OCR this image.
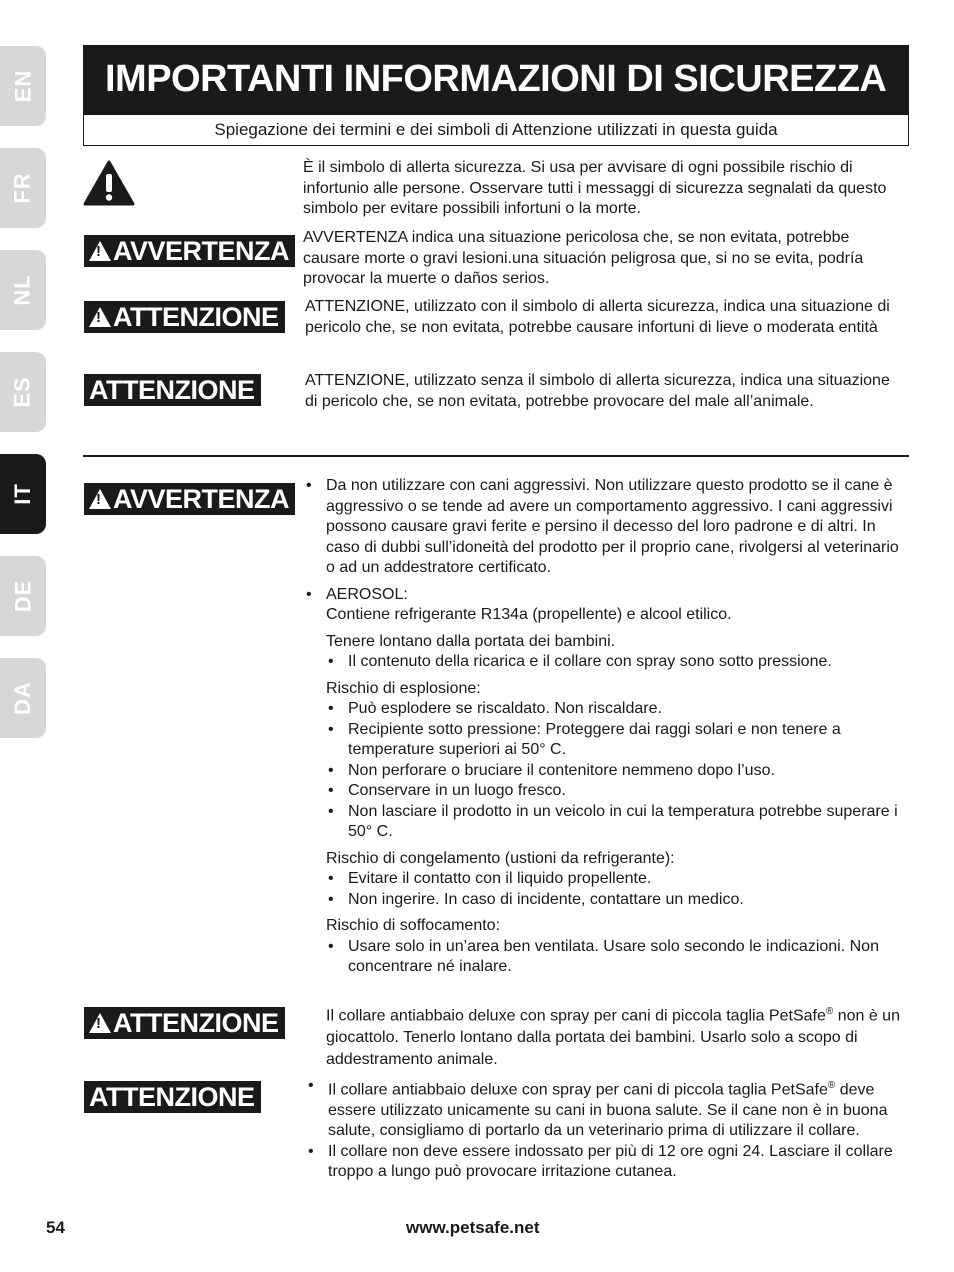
EN
FR
NL
ES
IT
DE
DA
IMPORTANTI INFORMAZIONI DI SICUREZZA
Spiegazione dei termini e dei simboli di Attenzione utilizzati in questa guida
È il simbolo di allerta sicurezza. Si usa per avvisare di ogni possibile rischio di infortunio alle persone. Osservare tutti i messaggi di sicurezza segnalati da questo simbolo per evitare possibili infortuni o la morte.
!
AVVERTENZA AVVERTENZA indica una situazione pericolosa che, se non evitata, potrebbe causare morte o gravi lesioni.una situación peligrosa que, si no se evita, podría provocar la muerte o daños serios.
!
ATTENZIONE ATTENZIONE, utilizzato con il simbolo di allerta sicurezza, indica una situazione di pericolo che, se non evitata, potrebbe causare infortuni di lieve o moderata entità
ATTENZIONE	ATTENZIONE, utilizzato senza il simbolo di allerta sicurezza, indica una situazione di pericolo che, se non evitata, potrebbe provocare del male all’animale.
!
AVVERTENZA	• Da non utilizzare con cani aggressivi. Non utilizzare questo prodotto se il cane è aggressivo o se tende ad avere un comportamento aggressivo. I cani aggressivi possono causare gravi ferite e persino il decesso del loro padrone e di altri. In caso di dubbi sull’idoneità del prodotto per il proprio cane, rivolgersi al veterinario o ad un addestratore certificato.
• AEROSOL:
Contiene refrigerante R134a (propellente) e alcool etilico.
Tenere lontano dalla portata dei bambini.
• Il contenuto della ricarica e il collare con spray sono sotto pressione.
Rischio di esplosione:
• Può esplodere se riscaldato. Non riscaldare.
• Recipiente sotto pressione: Proteggere dai raggi solari e non tenere a temperature superiori ai 50° C.
• Non perforare o bruciare il contenitore nemmeno dopo l’uso.
• Conservare in un luogo fresco.
• Non lasciare il prodotto in un veicolo in cui la temperatura potrebbe superare i 50° C.
Rischio di congelamento (ustioni da refrigerante):
• Evitare il contatto con il liquido propellente.
• Non ingerire. In caso di incidente, contattare un medico.
Rischio di soffocamento:
• Usare solo in un’area ben ventilata. Usare solo secondo le indicazioni. Non concentrare né inalare.
!
ATTENZIONE	Il collare antiabbaio deluxe con spray per cani di piccola taglia PetSafe® non è un giocattolo. Tenerlo lontano dalla portata dei bambini. Usarlo solo a scopo di addestramento animale.
ATTENZIONE	• Il collare antiabbaio deluxe con spray per cani di piccola taglia PetSafe® deve essere utilizzato unicamente su cani in buona salute. Se il cane non è in buona salute, consigliamo di portarlo da un veterinario prima di utilizzare il collare.
• Il collare non deve essere indossato per più di 12 ore ogni 24. Lasciare il collare troppo a lungo può provocare irritazione cutanea.
54	www.petsafe.net
